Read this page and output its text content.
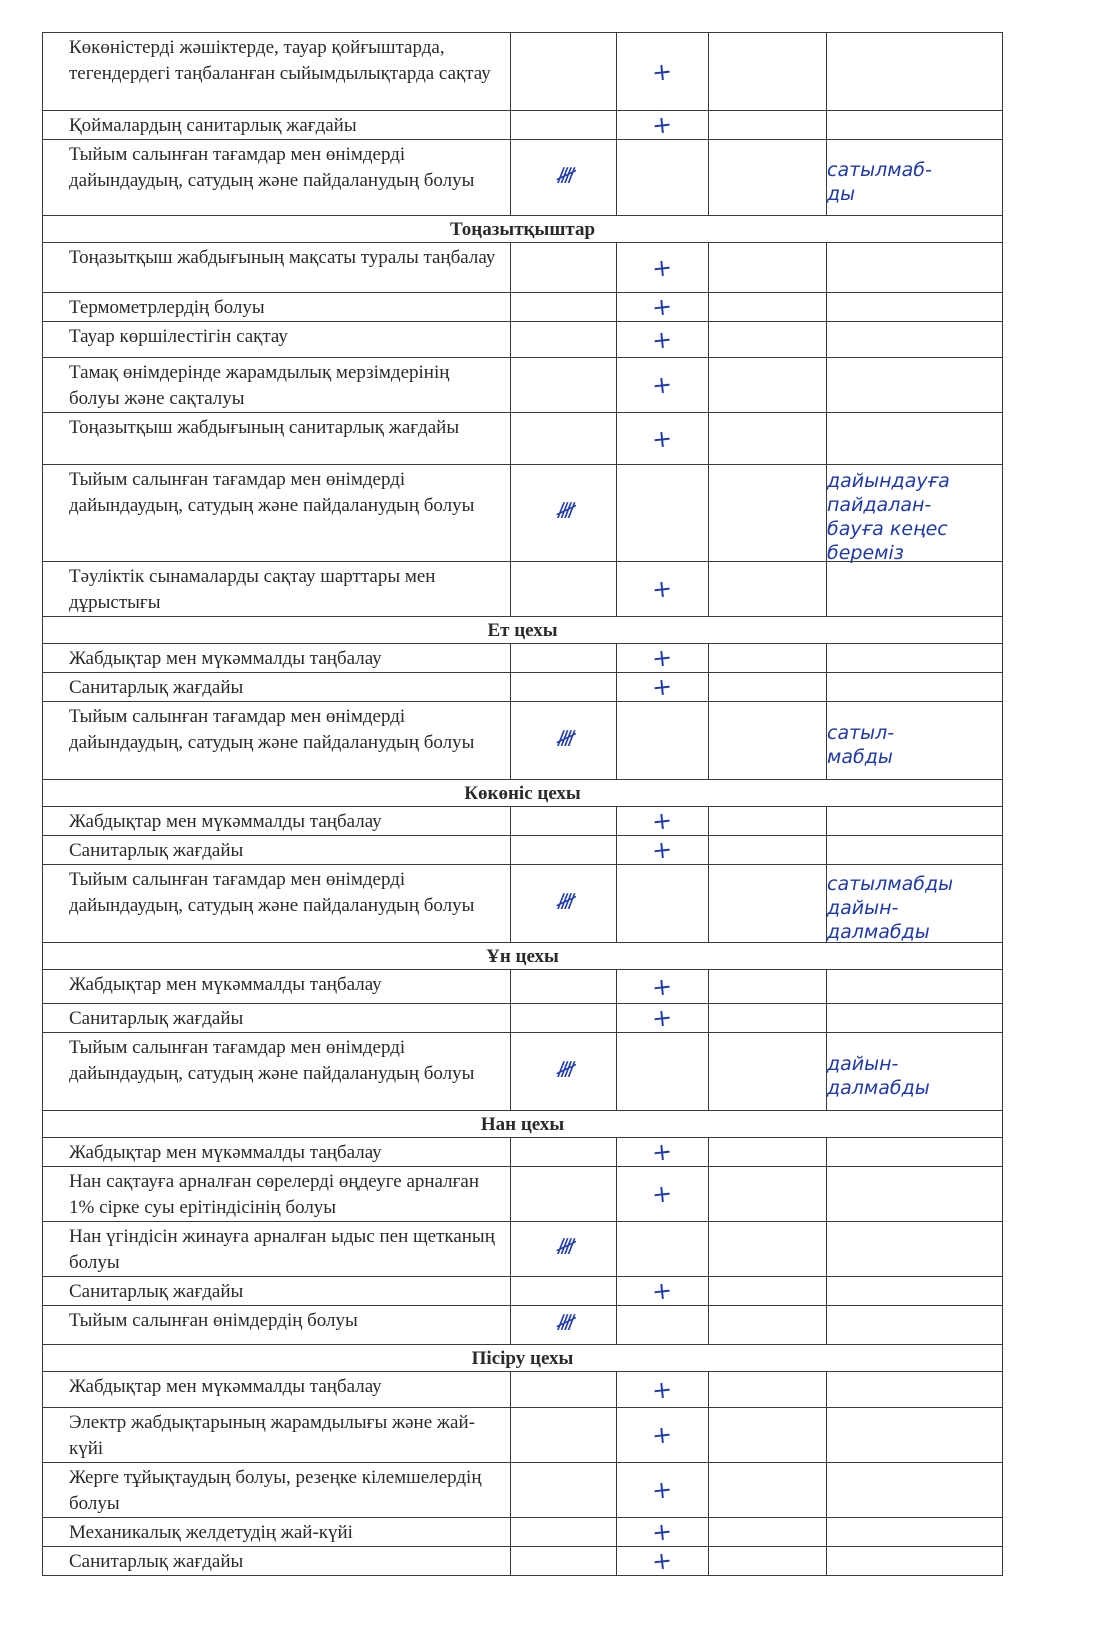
Көкөністерді жәшіктерде, тауар қойғыштарда, тегендердегі таңбаланған сыйымдылықтарда сақтау		+		
Қоймалардың санитарлық жағдайы		+		
Тыйым салынған тағамдар мен өнімдерді дайындаудың, сатудың және пайдаланудың болуы	𝍸			сатылмаб-
ды

Тоңазытқыштар				
Тоңазытқыш жабдығының мақсаты туралы таңбалау		+		
Термометрлердің болуы		+		
Тауар көршілестігін сақтау		+		
Тамақ өнімдерінде жарамдылық мерзімдерінің болуы және сақталуы		+		
Тоңазытқыш жабдығының санитарлық жағдайы		+		
Тыйым салынған тағамдар мен өнімдерді дайындаудың, сатудың және пайдаланудың болуы	𝍸			дайындауға
пайдалан-
бауға кеңес
береміз

Тәуліктік сынамаларды сақтау шарттары мен дұрыстығы		+		
Ет цехы				
Жабдықтар мен мүкәммалды таңбалау		+		
Санитарлық жағдайы		+		
Тыйым салынған тағамдар мен өнімдерді дайындаудың, сатудың және пайдаланудың болуы	𝍸			сатыл-
мабды

Көкөніс цехы				
Жабдықтар мен мүкәммалды таңбалау		+		
Санитарлық жағдайы		+		
Тыйым салынған тағамдар мен өнімдерді дайындаудың, сатудың және пайдаланудың болуы	𝍸			сатылмабды
дайын-
далмабды

Ұн цехы				
Жабдықтар мен мүкәммалды таңбалау		+		
Санитарлық жағдайы		+		
Тыйым салынған тағамдар мен өнімдерді дайындаудың, сатудың және пайдаланудың болуы	𝍸			дайын-
далмабды

Нан цехы				
Жабдықтар мен мүкәммалды таңбалау		+		
Нан сақтауға арналған сөрелерді өңдеуге арналған 1% сірке суы ерітіндісінің болуы		+		
Нан үгіндісін жинауға арналған ыдыс пен щетканың болуы	𝍸			
Санитарлық жағдайы		+		
Тыйым салынған өнімдердің болуы	𝍸			
Пісіру цехы				
Жабдықтар мен мүкәммалды таңбалау		+		
Электр жабдықтарының жарамдылығы және жай-күйі		+		
Жерге тұйықтаудың болуы, резеңке кілемшелердің болуы		+		
Механикалық желдетудің жай-күйі		+		
Санитарлық жағдайы		+		
